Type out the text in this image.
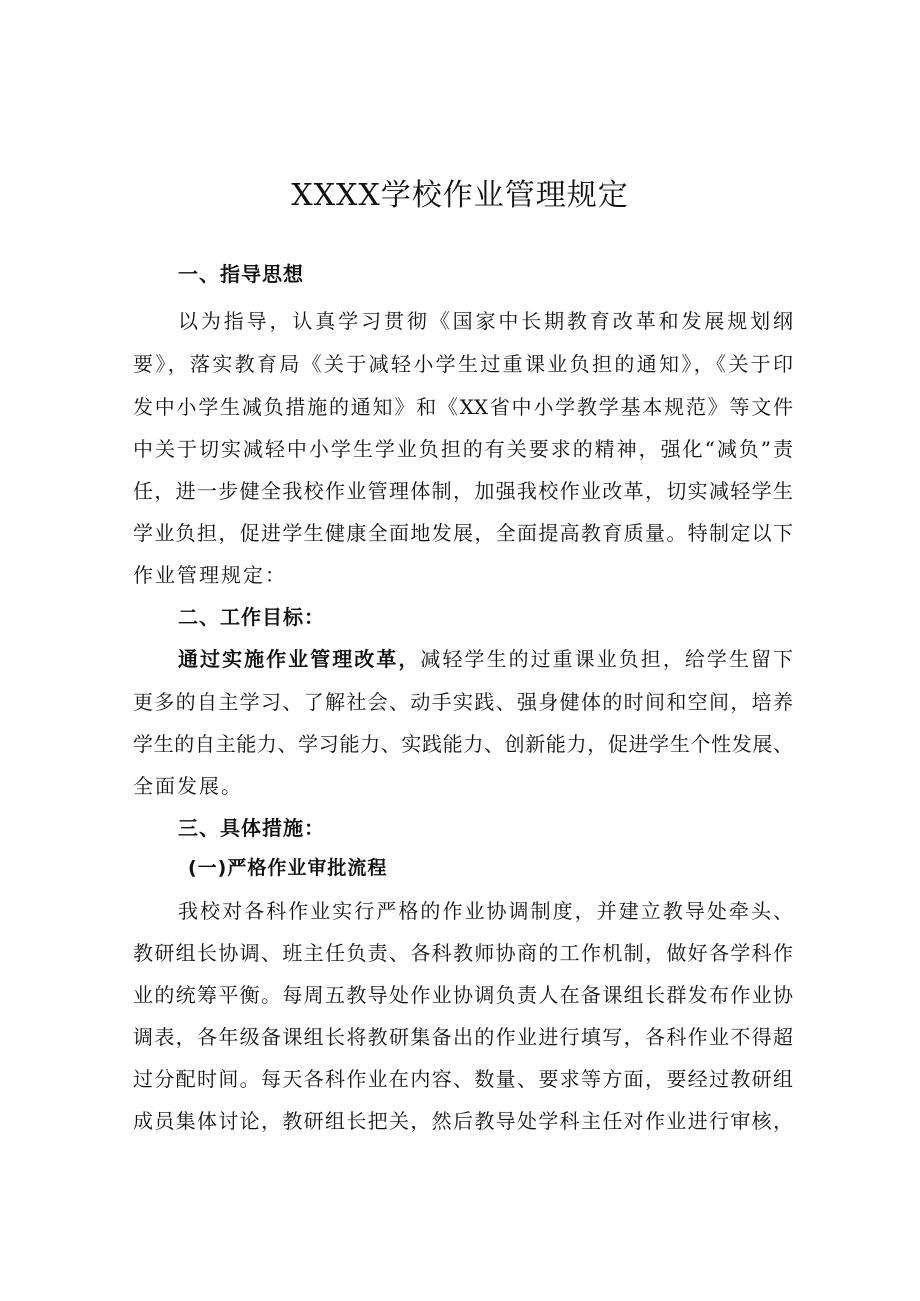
XXXX学校作业管理规定
一、指导思想
以为指导，认真学习贯彻《国家中长期教育改革和发展规划纲
要》，落实教育局《关于减轻小学生过重课业负担的通知》，《关于印
发中小学生减负措施的通知》和《XX省中小学教学基本规范》等文件
中关于切实减轻中小学生学业负担的有关要求的精神，强化“减负”责
任，进一步健全我校作业管理体制，加强我校作业改革，切实减轻学生
学业负担，促进学生健康全面地发展，全面提高教育质量。特制定以下
作业管理规定：
二、工作目标：
通过实施作业管理改革，减轻学生的过重课业负担，给学生留下
更多的自主学习、了解社会、动手实践、强身健体的时间和空间，培养
学生的自主能力、学习能力、实践能力、创新能力，促进学生个性发展、
全面发展。
三、具体措施：
(一)严格作业审批流程
我校对各科作业实行严格的作业协调制度，并建立教导处牵头、
教研组长协调、班主任负责、各科教师协商的工作机制，做好各学科作
业的统筹平衡。每周五教导处作业协调负责人在备课组长群发布作业协
调表，各年级备课组长将教研集备出的作业进行填写，各科作业不得超
过分配时间。每天各科作业在内容、数量、要求等方面，要经过教研组
成员集体讨论，教研组长把关，然后教导处学科主任对作业进行审核，
